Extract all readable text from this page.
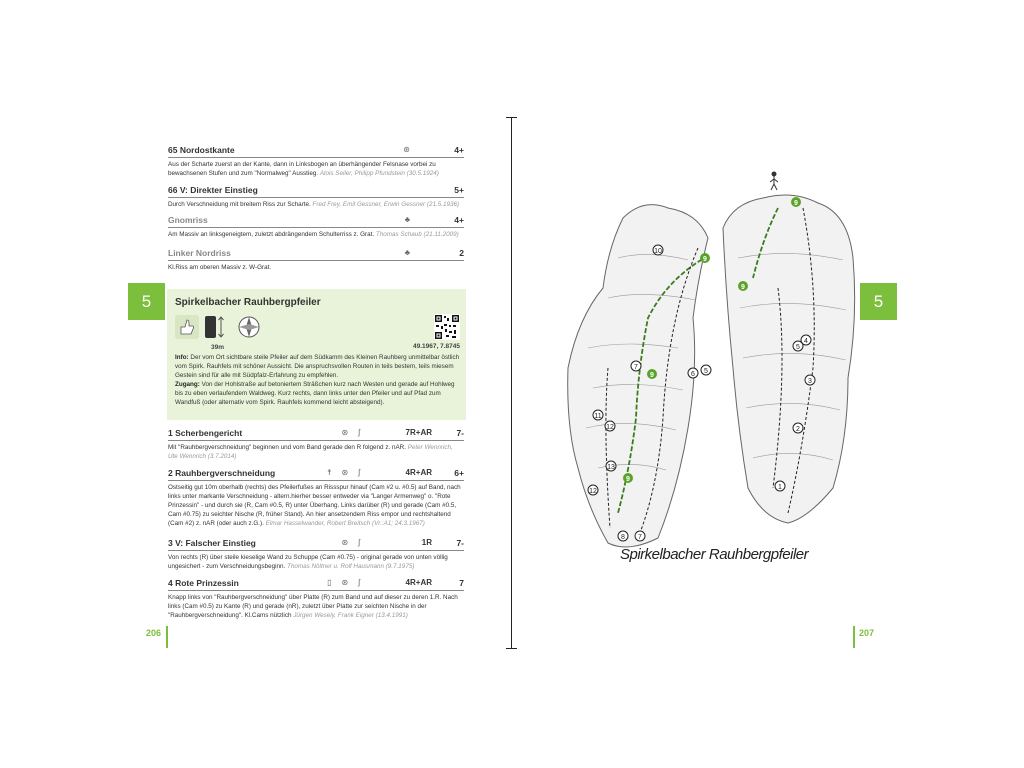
65 Nordostkante	⊛	4+
Aus der Scharte zuerst an der Kante, dann in Linksbogen an überhängender Felsnase vorbei zu bewachsenen Stufen und zum "Normalweg" Ausstieg. Alois Seiler, Philipp Pfundstein (30.5.1924)
66 V: Direkter Einstieg	5+
Durch Verschneidung mit breitem Riss zur Scharte. Fred Frey, Emil Gessner, Erwin Gessner (21.5.1936)
Gnomriss	♣	4+
Am Massiv an linksgeneigtem, zuletzt abdrängendem Schulterriss z. Grat. Thomas Schaub (21.11.2009)
Linker Nordriss	♣	2
Kl.Riss am oberen Massiv z. W-Grat.
5	Spirkelbacher Rauhbergpfeiler
39m	49.1967, 7.8745
Info: Der vom Ort sichtbare steile Pfeiler auf dem Südkamm des Kleinen Rauhberg unmittelbar östlich vom Spirk. Rauhfels mit schöner Aussicht. Die anspruchsvollen Routen in teils bestem, teils miesem Gestein sind für alle mit Südpfalz-Erfahrung zu empfehlen.
Zugang: Von der Hohlstraße auf betoniertem Sträßchen kurz nach Westen und gerade auf Hohlweg bis zu eben verlaufendem Waldweg. Kurz rechts, dann links unter den Pfeiler und auf Pfad zum Wandfuß (oder alternativ vom Spirk. Rauhfels kommend leicht absteigend).
1 Scherbengericht	⊛ ʃ	7R+AR	7-
Mit "Rauhbergverschneidung" beginnen und vom Band gerade den R folgend z. nAR. Peter Wennrich, Ute Wennrich (3.7.2014)
2 Rauhbergverschneidung	☨ ⊛ ʃ	4R+AR	6+
Ostseitig gut 10m oberhalb (rechts) des Pfeilerfußes an Rissspur hinauf (Cam #2 u. #0.5) auf Band, nach links unter markante Verschneidung - altern.hierher besser entweder via "Langer Armenweg" o. "Rote Prinzessin" - und durch sie (R, Cam #0.5, R) unter Überhang. Links darüber (R) und gerade (Cam #0.5, Cam #0.75) zu seichter Nische (R, früher Stand). An hier ansetzendem Riss empor und rechtshaltend (Cam #2) z. nAR (oder auch z.G.). Elmar Hasselwander, Robert Breitsch (Vr.:A1; 24.3.1967)
3 V: Falscher Einstieg	⊛ ʃ	1R	7-
Von rechts (R) über steile kieselige Wand zu Schuppe (Cam #0.75) - original gerade von unten völlig ungesichert - zum Verschneidungsbeginn. Thomas Nöltner u. Rolf Hausmann (9.7.1975)
4 Rote Prinzessin	▯ ⊛ ʃ	4R+AR	7
Knapp links von "Rauhbergverschneidung" über Platte (R) zum Band und auf dieser zu deren 1.R. Nach links (Cam #0.5) zu Kante (R) und gerade (nR), zuletzt über Platte zur seichten Nische in der "Rauhbergverschneidung". Kl.Cams nützlich Jürgen Wesely, Frank Eigner (13.4.1991)
206
5
10
11
12
13
12
8 7
7
6 5
5
4
3
2
1
9
9
9
9
9
Spirkelbacher Rauhbergpfeiler
207
